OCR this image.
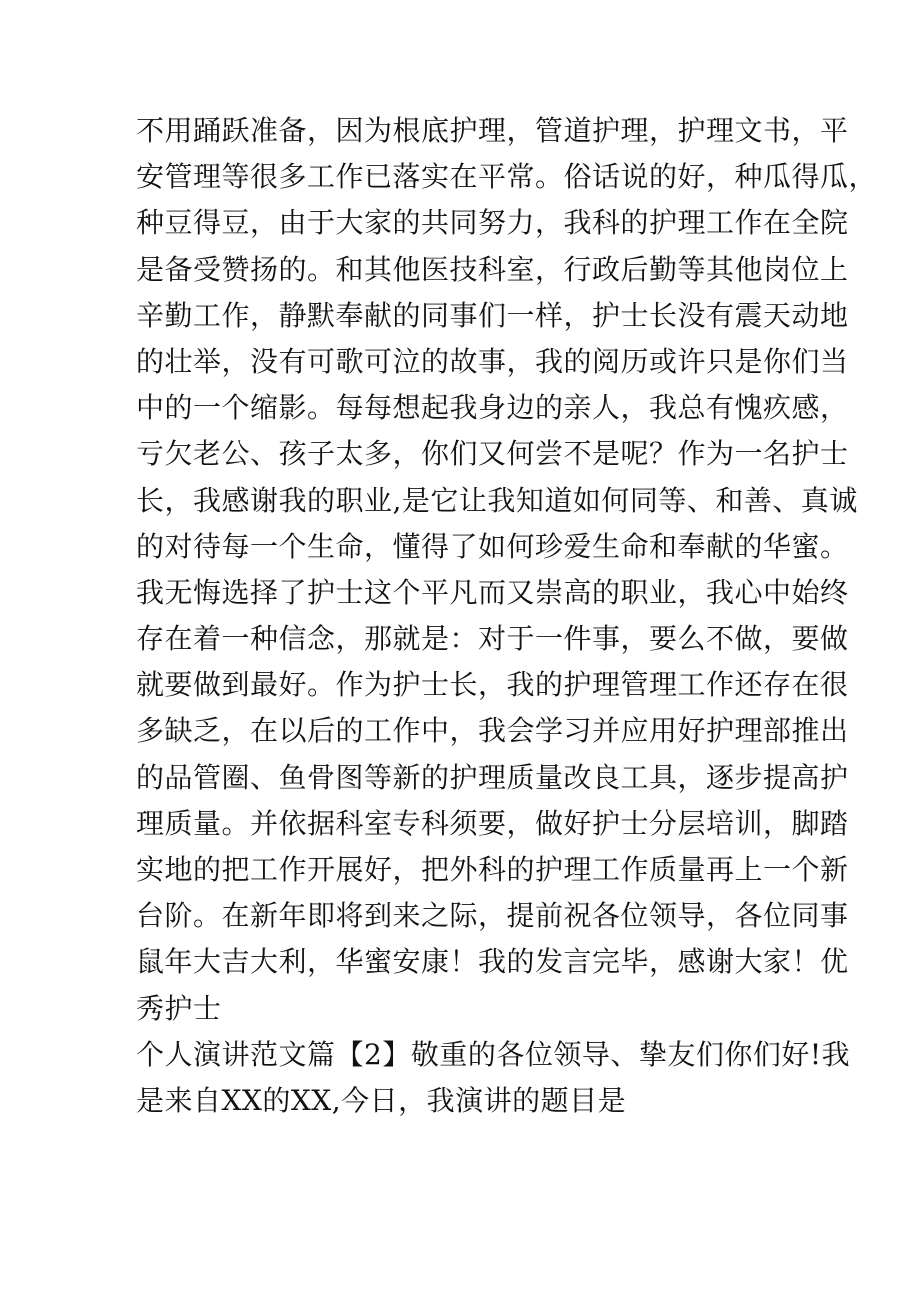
不用踊跃准备，因为根底护理，管道护理，护理文书，平
安管理等很多工作已落实在平常。俗话说的好，种瓜得瓜，
种豆得豆，由于大家的共同努力，我科的护理工作在全院
是备受赞扬的。和其他医技科室，行政后勤等其他岗位上
辛勤工作，静默奉献的同事们一样，护士长没有震天动地
的壮举，没有可歌可泣的故事，我的阅历或许只是你们当
中的一个缩影。每每想起我身边的亲人，我总有愧疚感，
亏欠老公、孩子太多，你们又何尝不是呢？作为一名护士
长，我感谢我的职业,是它让我知道如何同等、和善、真诚
的对待每一个生命，懂得了如何珍爱生命和奉献的华蜜。
我无悔选择了护士这个平凡而又崇高的职业，我心中始终
存在着一种信念，那就是：对于一件事，要么不做，要做
就要做到最好。作为护士长，我的护理管理工作还存在很
多缺乏，在以后的工作中，我会学习并应用好护理部推出
的品管圈、鱼骨图等新的护理质量改良工具，逐步提高护
理质量。并依据科室专科须要，做好护士分层培训，脚踏
实地的把工作开展好，把外科的护理工作质量再上一个新
台阶。在新年即将到来之际，提前祝各位领导，各位同事
鼠年大吉大利，华蜜安康！我的发言完毕，感谢大家！优
秀护士
个人演讲范文篇【2】敬重的各位领导、挚友们你们好!我
是来自XX的XX,今日，我演讲的题目是
